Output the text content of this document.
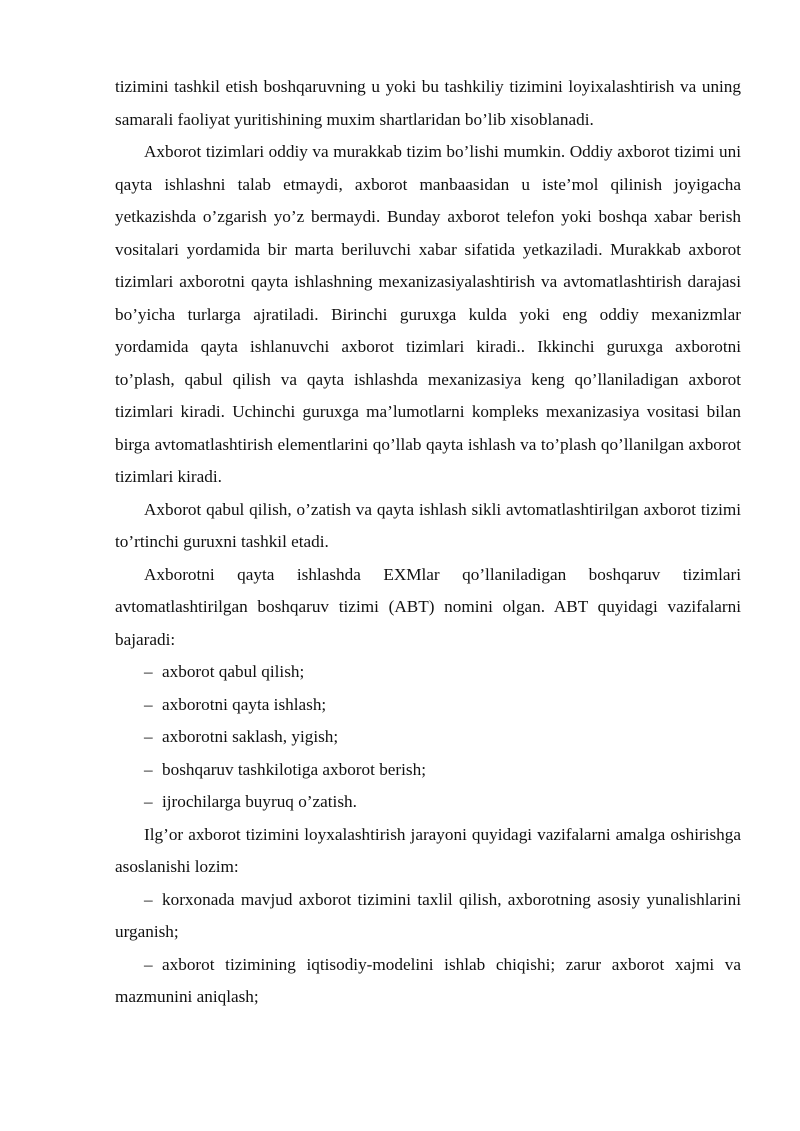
tizimini tashkil etish boshqaruvning u yoki bu tashkiliy tizimini loyixalashtirish va uning samarali faoliyat yuritishining muxim shartlaridan bo’lib xisoblanadi.

Axborot tizimlari oddiy va murakkab tizim bo’lishi mumkin. Oddiy axborot tizimi uni qayta ishlashni talab etmaydi, axborot manbaasidan u iste’mol qilinish joyigacha yetkazishda o’zgarish yo’z bermaydi. Bunday axborot telefon yoki boshqa xabar berish vositalari yordamida bir marta beriluvchi xabar sifatida yetkaziladi. Murakkab axborot tizimlari axborotni qayta ishlashning mexanizasiyalashtirish va avtomatlashtirish darajasi bo’yicha turlarga ajratiladi. Birinchi guruxga kulda yoki eng oddiy mexanizmlar yordamida qayta ishlanuvchi axborot tizimlari kiradi.. Ikkinchi guruxga axborotni to’plash, qabul qilish va qayta ishlashda mexanizasiya keng qo’llaniladigan axborot tizimlari kiradi. Uchinchi guruxga ma’lumotlarni kompleks mexanizasiya vositasi bilan birga avtomatlashtirish elementlarini qo’llab qayta ishlash va to’plash qo’llanilgan axborot tizimlari kiradi.

Axborot qabul qilish, o’zatish va qayta ishlash sikli avtomatlashtirilgan axborot tizimi to’rtinchi guruxni tashkil etadi.

Axborotni qayta ishlashda EXMlar qo’llaniladigan boshqaruv tizimlari avtomatlashtirilgan boshqaruv tizimi (ABT) nomini olgan. ABT quyidagi vazifalarni bajaradi:

– axborot qabul qilish;

– axborotni qayta ishlash;

– axborotni saklash, yigish;

– boshqaruv tashkilotiga axborot berish;

– ijrochilarga buyruq o’zatish.

Ilg’or axborot tizimini loyxalashtirish jarayoni quyidagi vazifalarni amalga oshirishga asoslanishi lozim:

– korxonada mavjud axborot tizimini taxlil qilish, axborotning asosiy yunalishlarini urganish;

– axborot tizimining iqtisodiy-modelini ishlab chiqishi; zarur axborot xajmi va mazmunini aniqlash;
